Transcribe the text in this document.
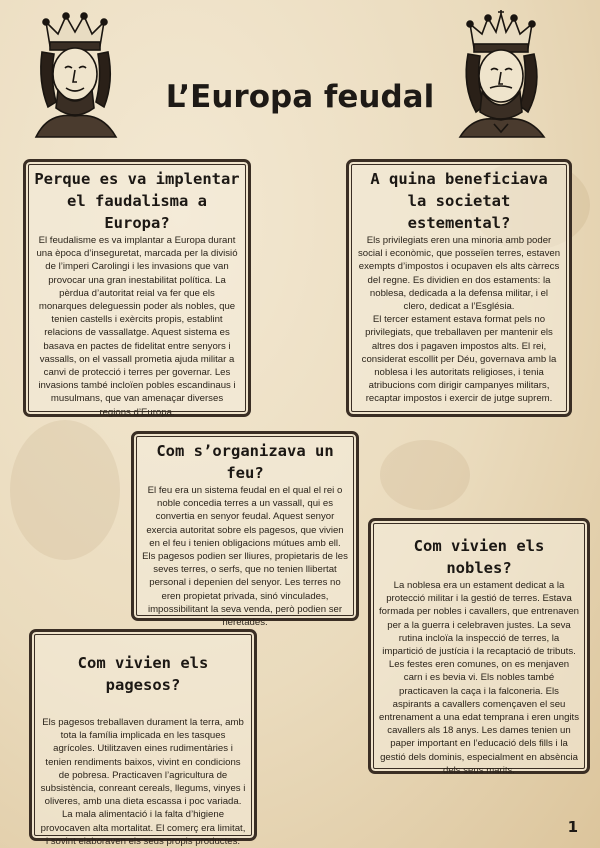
L’Europa feudal
Perque es va implentar el faudalisma a Europa?

El feudalisme es va implantar a Europa durant una època d’inseguretat, marcada per la divisió de l’imperi Carolingi i les invasions que van provocar una gran inestabilitat política. La pèrdua d’autoritat reial va fer que els monarques deleguessin poder als nobles, que tenien castells i exèrcits propis, establint relacions de vassallatge. Aquest sistema es basava en pactes de fidelitat entre senyors i vassalls, on el vassall prometia ajuda militar a canvi de protecció i terres per governar. Les invasions també incloïen pobles escandinaus i musulmans, que van amenaçar diverses regions d’Europa.

A quina beneficiava la societat estemental?

Els privilegiats eren una minoria amb poder social i econòmic, que posseïen terres, estaven exempts d’impostos i ocupaven els alts càrrecs del regne. Es dividien en dos estaments: la noblesa, dedicada a la defensa militar, i el clero, dedicat a l’Església.
El tercer estament estava format pels no privilegiats, que treballaven per mantenir els altres dos i pagaven impostos alts. El rei, considerat escollit per Déu, governava amb la noblesa i les autoritats religioses, i tenia atribucions com dirigir campanyes militars, recaptar impostos i exercir de jutge suprem.

Com s’organizava un feu?

El feu era un sistema feudal en el qual el rei o noble concedia terres a un vassall, qui es convertia en senyor feudal. Aquest senyor exercia autoritat sobre els pagesos, que vivien en el feu i tenien obligacions mútues amb ell. Els pagesos podien ser lliures, propietaris de les seves terres, o serfs, que no tenien llibertat personal i depenien del senyor. Les terres no eren propietat privada, sinó vinculades, impossibilitant la seva venda, però podien ser heretades.

Com vivien els nobles?

La noblesa era un estament dedicat a la protecció militar i la gestió de terres. Estava formada per nobles i cavallers, que entrenaven per a la guerra i celebraven justes. La seva rutina incloïa la inspecció de terres, la impartició de justícia i la recaptació de tributs. Les festes eren comunes, on es menjaven carn i es bevia vi. Els nobles també practicaven la caça i la falconeria. Els aspirants a cavallers començaven el seu entrenament a una edat temprana i eren ungits cavallers als 18 anys. Les dames tenien un paper important en l’educació dels fills i la gestió dels dominis, especialment en absència dels seus marits.

Com vivien els pagesos?

Els pagesos treballaven durament la terra, amb tota la família implicada en les tasques agrícoles. Utilitzaven eines rudimentàries i tenien rendiments baixos, vivint en condicions de pobresa. Practicaven l’agricultura de subsistència, conreant cereals, llegums, vinyes i oliveres, amb una dieta escassa i poc variada. La mala alimentació i la falta d’higiene provocaven alta mortalitat. El comerç era limitat, i sovint elaboraven els seus propis productes.

1
